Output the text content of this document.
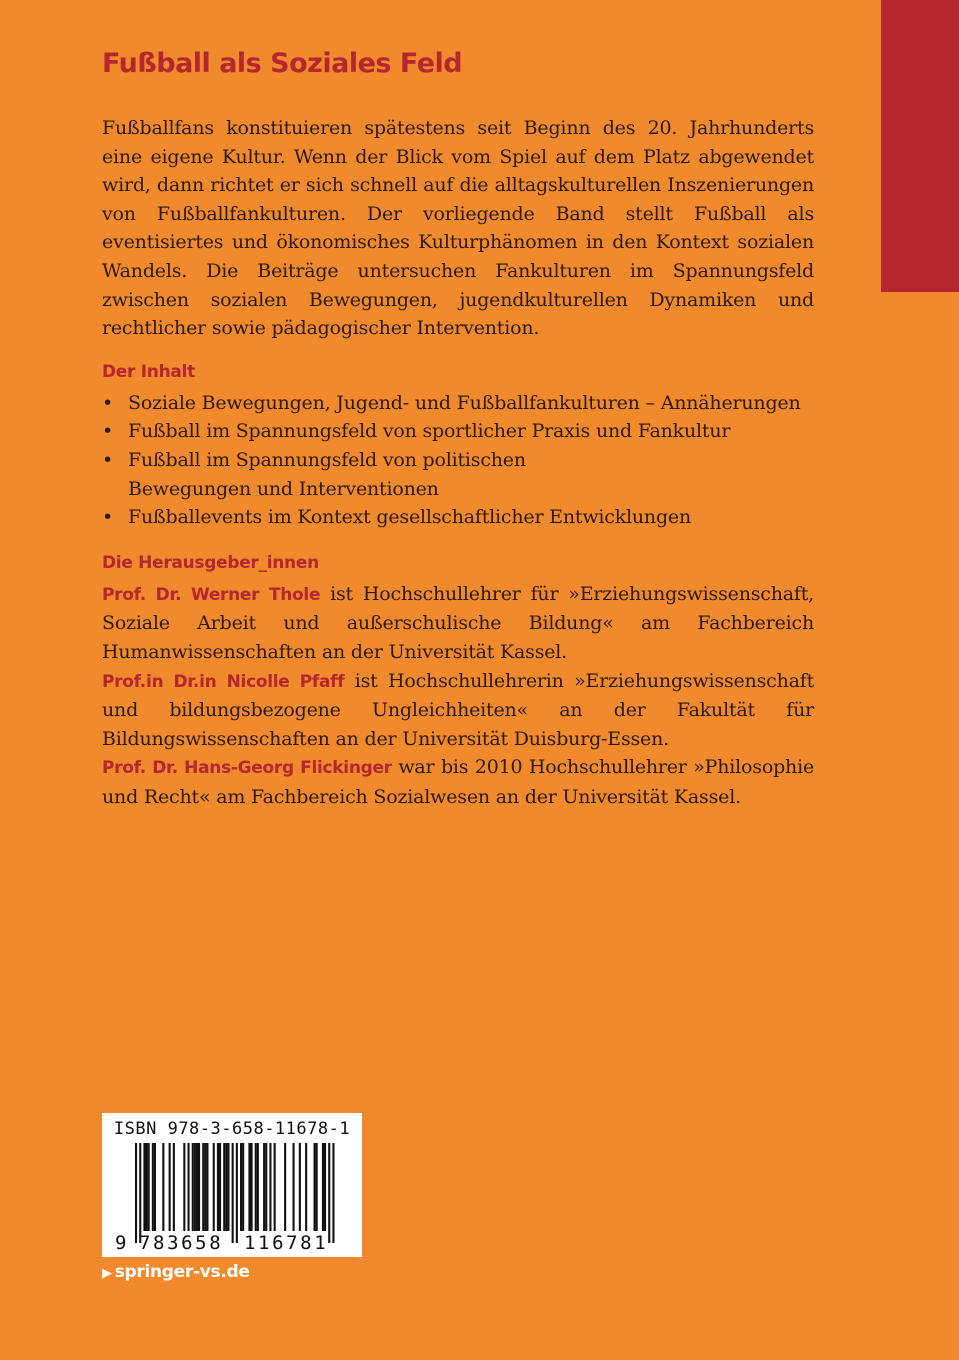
Fußball als Soziales Feld

Fußballfans konstituieren spätestens seit Beginn des 20. Jahrhunderts eine eigene Kultur. Wenn der Blick vom Spiel auf dem Platz abgewendet wird, dann richtet er sich schnell auf die alltagskulturellen Inszenierungen von Fußballfankulturen. Der vorliegende Band stellt Fußball als eventisiertes und ökonomisches Kulturphänomen in den Kontext sozialen Wandels. Die Beiträge untersuchen Fankulturen im Spannungsfeld zwischen sozialen Bewegungen, jugendkulturellen Dynamiken und rechtlicher sowie pädagogischer Intervention.

Der Inhalt
• Soziale Bewegungen, Jugend- und Fußballfankulturen – Annäherungen
• Fußball im Spannungsfeld von sportlicher Praxis und Fankultur
• Fußball im Spannungsfeld von politischen Bewegungen und Interventionen
• Fußballevents im Kontext gesellschaftlicher Entwicklungen
Die Herausgeber_innen

Prof. Dr. Werner Thole ist Hochschullehrer für »Erziehungswissenschaft, Soziale Arbeit und außerschulische Bildung« am Fachbereich Humanwissenschaften an der Universität Kassel.

Prof.in Dr.in Nicolle Pfaff ist Hochschullehrerin »Erziehungswissenschaft und bildungsbezogene Ungleichheiten« an der Fakultät für Bildungswissenschaften an der Universität Duisburg-Essen.

Prof. Dr. Hans-Georg Flickinger war bis 2010 Hochschullehrer »Philosophie und Recht« am Fachbereich Sozialwesen an der Universität Kassel.

ISBN 978-3-658-11678-1
9 783658 116781
▶ springer-vs.de
